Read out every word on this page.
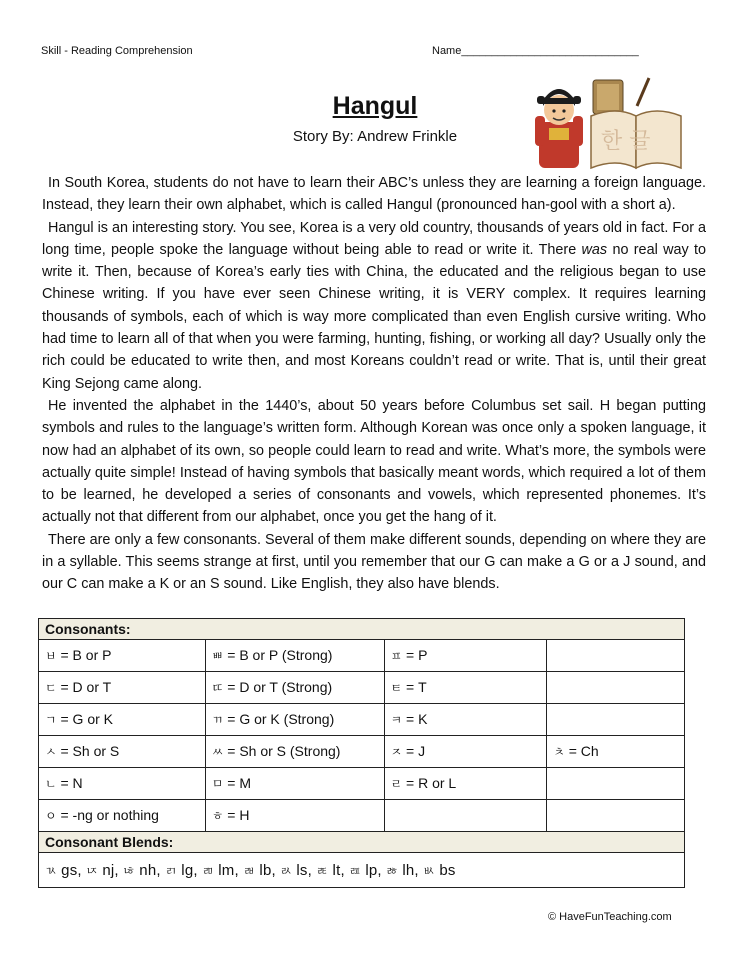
Skill - Reading Comprehension	Name_____________________________
Hangul
Story By: Andrew Frinkle	한 글

In South Korea, students do not have to learn their ABC’s unless they are learning a foreign language. Instead, they learn their own alphabet, which is called Hangul (pronounced han-gool with a short a).

Hangul is an interesting story. You see, Korea is a very old country, thousands of years old in fact. For a long time, people spoke the language without being able to read or write it. There was no real way to write it. Then, because of Korea’s early ties with China, the educated and the religious began to use Chinese writing. If you have ever seen Chinese writing, it is VERY complex. It requires learning thousands of symbols, each of which is way more complicated than even English cursive writing. Who had time to learn all of that when you were farming, hunting, fishing, or working all day? Usually only the rich could be educated to write then, and most Koreans couldn’t read or write. That is, until their great King Sejong came along.

He invented the alphabet in the 1440’s, about 50 years before Columbus set sail. H began putting symbols and rules to the language’s written form. Although Korean was once only a spoken language, it now had an alphabet of its own, so people could learn to read and write. What’s more, the symbols were actually quite simple! Instead of having symbols that basically meant words, which required a lot of them to be learned, he developed a series of consonants and vowels, which represented phonemes. It’s actually not that different from our alphabet, once you get the hang of it.

There are only a few consonants. Several of them make different sounds, depending on where they are in a syllable. This seems strange at first, until you remember that our G can make a G or a J sound, and our C can make a K or an S sound. Like English, they also have blends.

Consonants:			
ㅂ = B or P	ㅃ = B or P (Strong)	ㅍ = P	
ㄷ = D or T	ㄸ = D or T (Strong)	ㅌ = T	
ㄱ = G or K	ㄲ = G or K (Strong)	ㅋ = K	
ㅅ = Sh or S	ㅆ = Sh or S (Strong)	ㅈ = J	ㅊ = Ch
ㄴ = N	ㅁ = M	ㄹ = R or L	
ㅇ = -ng or nothing	ㅎ = H		
Consonant Blends:			
ㄳ gs, ㄵ nj, ㄶ nh, ㄺ lg, ㄻ lm, ㄼ lb, ㄽ ls, ㄾ lt, ㄿ lp, ㅀ lh, ㅄ bs			
© HaveFunTeaching.com
